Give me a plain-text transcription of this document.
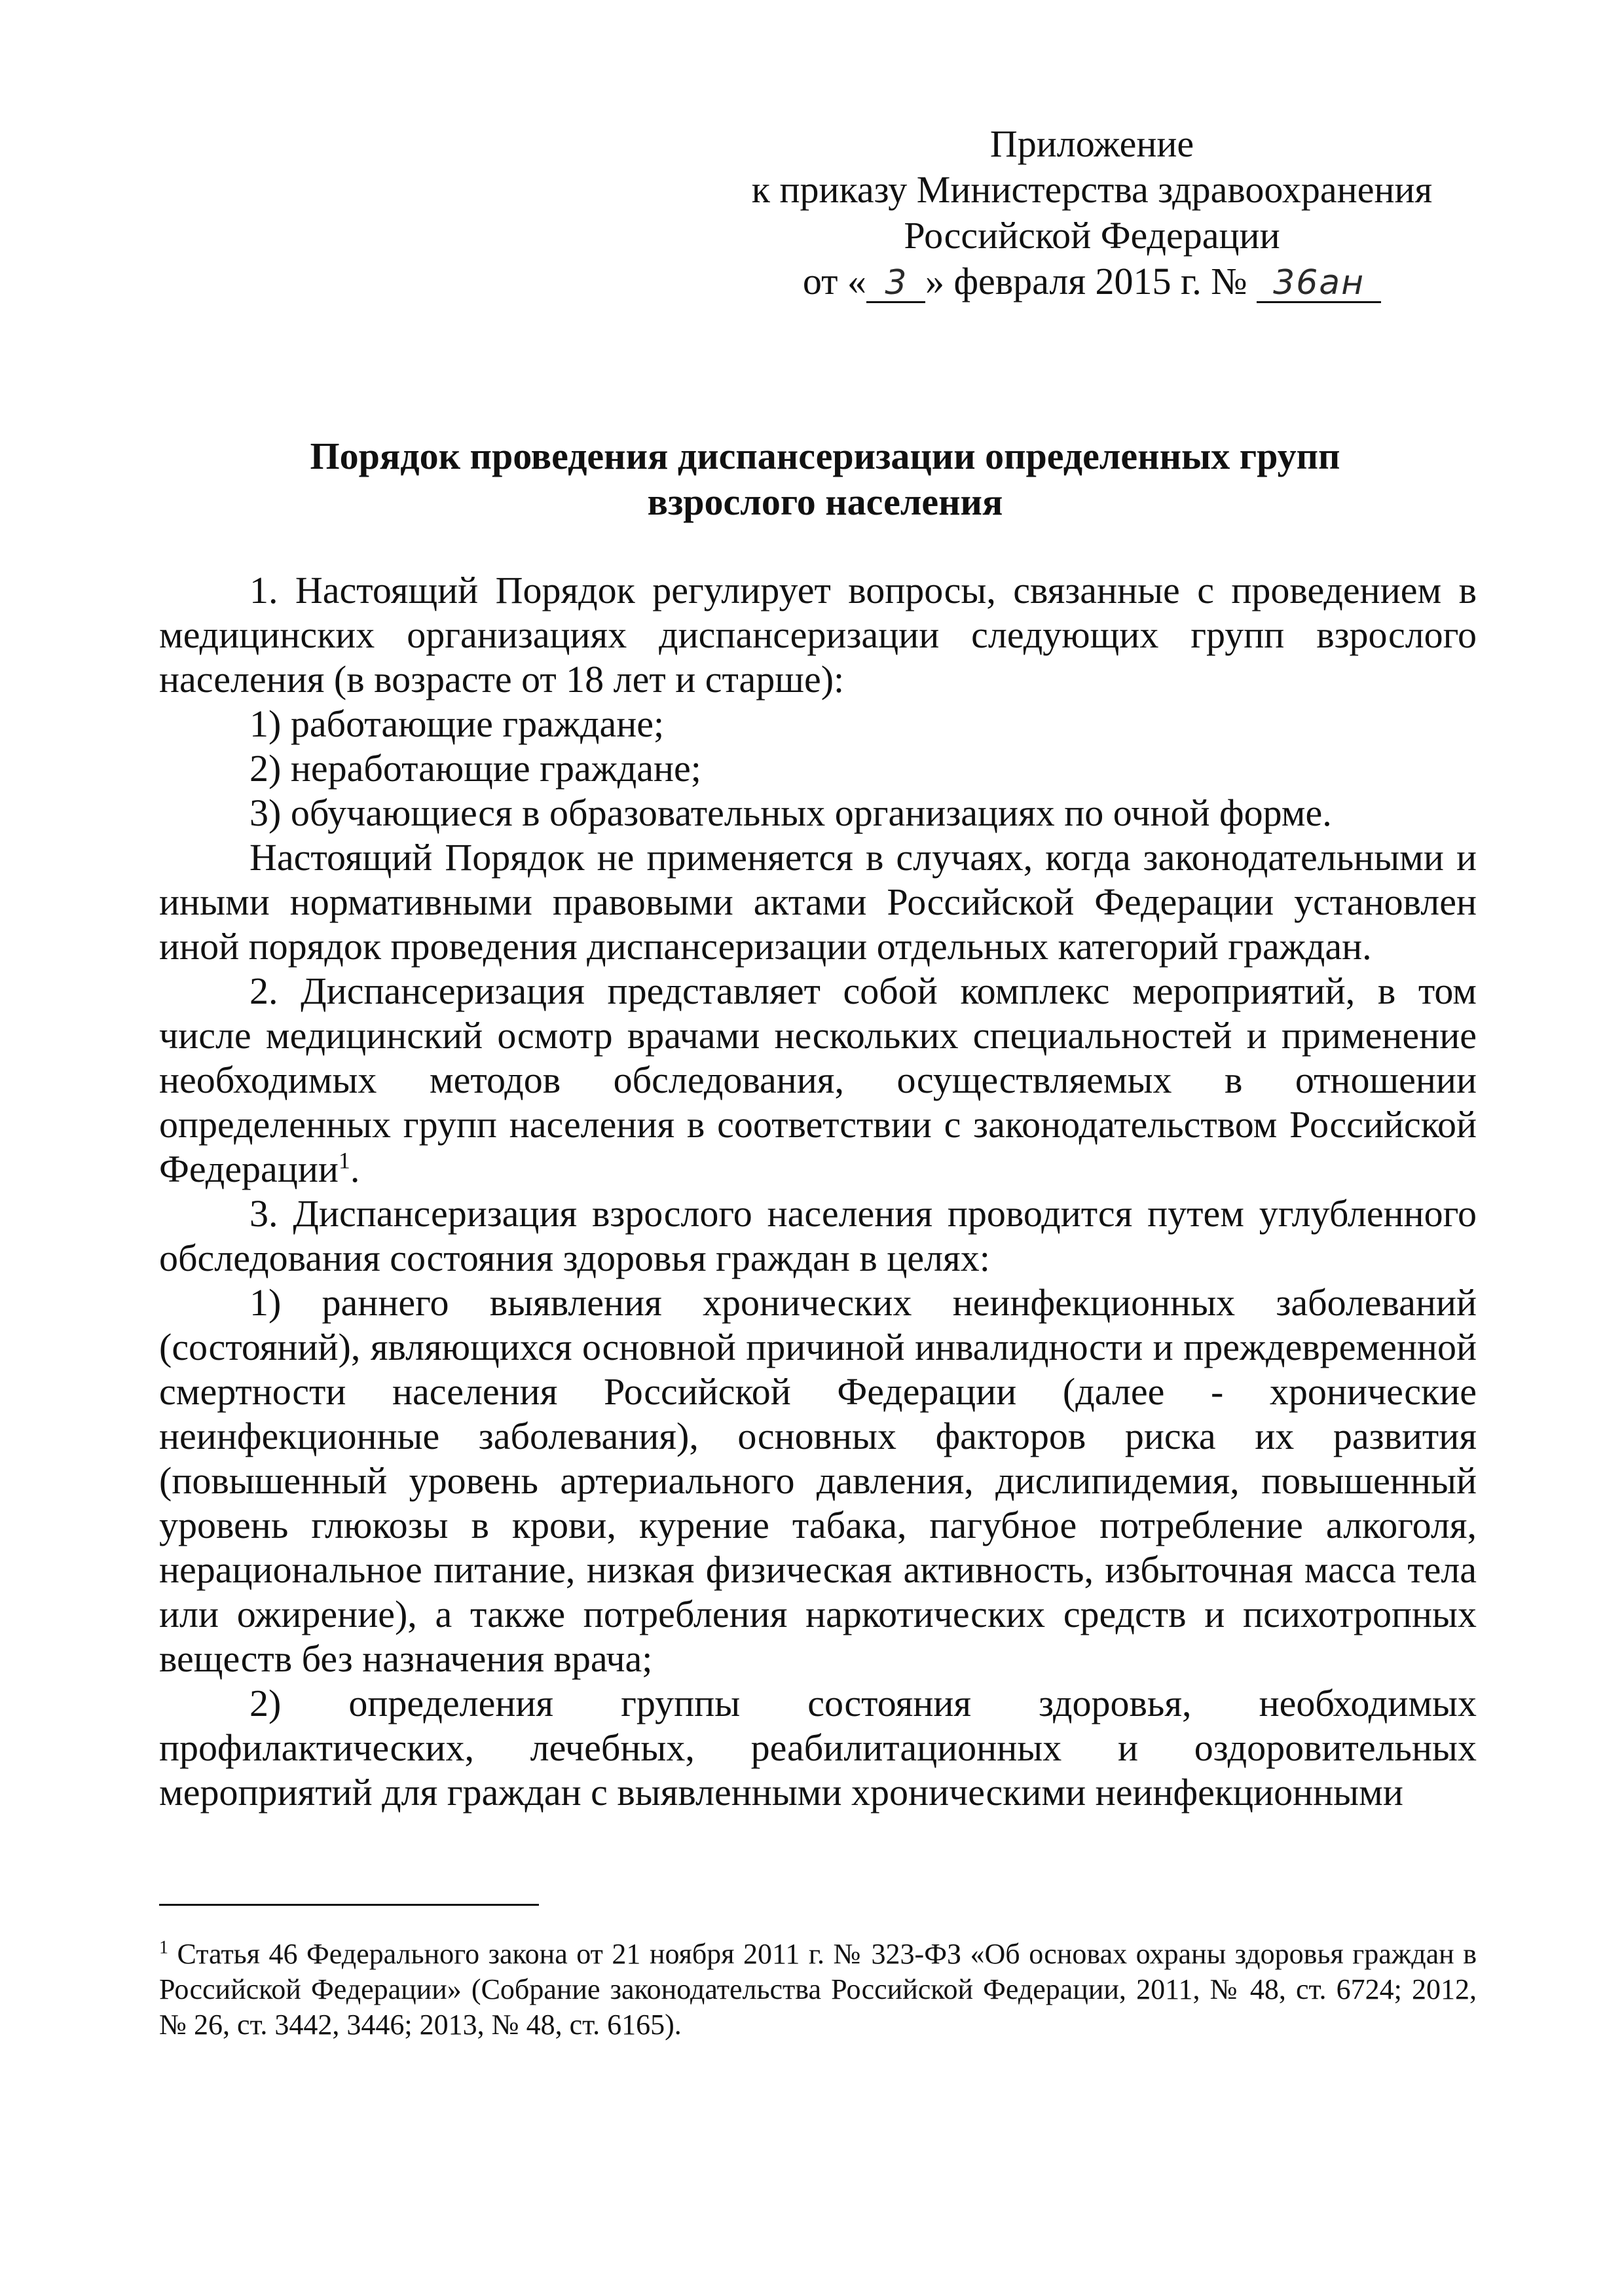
Приложение
к приказу Министерства здравоохранения
Российской Федерации
от « 3 » февраля 2015 г. № 36ан
Порядок проведения диспансеризации определенных групп
взрослого населения

1. Настоящий Порядок регулирует вопросы, связанные с проведением в медицинских организациях диспансеризации следующих групп взрослого населения (в возрасте от 18 лет и старше):

1) работающие граждане;

2) неработающие граждане;

3) обучающиеся в образовательных организациях по очной форме.

Настоящий Порядок не применяется в случаях, когда законодательными и иными нормативными правовыми актами Российской Федерации установлен иной порядок проведения диспансеризации отдельных категорий граждан.

2. Диспансеризация представляет собой комплекс мероприятий, в том числе медицинский осмотр врачами нескольких специальностей и применение необходимых методов обследования, осуществляемых в отношении определенных групп населения в соответствии с законодательством Российской Федерации$^1$.

3. Диспансеризация взрослого населения проводится путем углубленного обследования состояния здоровья граждан в целях:

1) раннего выявления хронических неинфекционных заболеваний (состояний), являющихся основной причиной инвалидности и преждевременной смертности населения Российской Федерации (далее - хронические неинфекционные заболевания), основных факторов риска их развития (повышенный уровень артериального давления, дислипидемия, повышенный уровень глюкозы в крови, курение табака, пагубное потребление алкоголя, нерациональное питание, низкая физическая активность, избыточная масса тела или ожирение), а также потребления наркотических средств и психотропных веществ без назначения врача;

2) определения группы состояния здоровья, необходимых профилактических, лечебных, реабилитационных и оздоровительных мероприятий для граждан с выявленными хроническими неинфекционными

$^1$ Статья 46 Федерального закона от 21 ноября 2011 г. № 323-ФЗ «Об основах охраны здоровья граждан в Российской Федерации» (Собрание законодательства Российской Федерации, 2011, № 48, ст. 6724; 2012, № 26, ст. 3442, 3446; 2013, № 48, ст. 6165).
